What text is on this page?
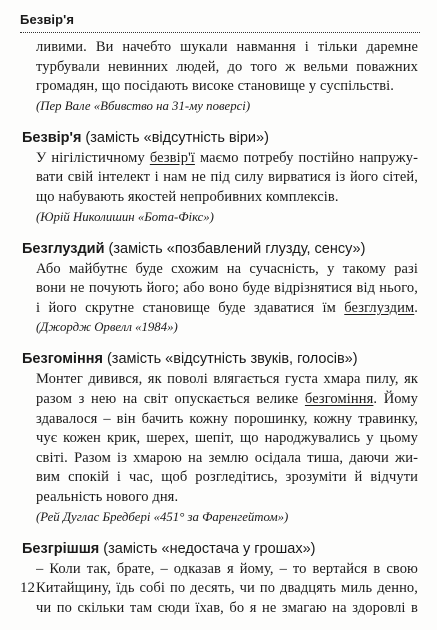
Безвір'я
ливими. Ви начебто шукали навмання і тільки даремне
турбували невинних людей, до того ж вельми поважних
громадян, що посідають високе становище у суспільстві.
(Пер Вале «Вбивство на 31-му поверсі)
Безвір'я (замість «відсутність віри»)
У нігілістичному безвір'ї маємо потребу постійно напружу-
вати свій інтелект і нам не під силу вирватися із його сітей,
що набувають якостей непробивних комплексів.
(Юрій Николишин «Бота-Фікс»)
Безглуздий (замість «позбавлений глузду, сенсу»)
Або майбутнє буде схожим на сучасність, у такому разі
вони не почують його; або воно буде відрізнятися від нього,
і його скрутне становище буде здаватися їм безглуздим.
(Джордж Орвелл «1984»)
Безгоміння (замість «відсутність звуків, голосів»)
Монтег дивився, як поволі влягається густа хмара пилу, як
разом з нею на світ опускається велике безгоміння. Йому
здавалося – він бачить кожну порошинку, кожну травинку,
чує кожен крик, шерех, шепіт, що народжувались у цьому
світі. Разом із хмарою на землю осідала тиша, даючи жи-
вим спокій і час, щоб розгледітись, зрозуміти й відчути
реальність нового дня.
(Рей Дуглас Бредбері «451° за Фаренгейтом»)
Безгрішшя (замість «недостача у грошах»)
– Коли так, брате, – одказав я йому, – то вертайся в свою
Китайщину, їдь собі по десять, чи по двадцять миль денно,
чи по скільки там сюди їхав, бо я не змагаю на здоровлі в
12
